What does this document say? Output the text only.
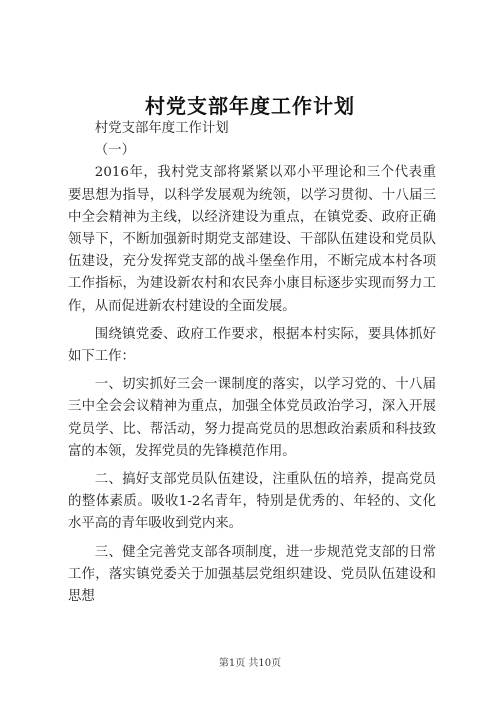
村党支部年度工作计划

村党支部年度工作计划

（一）

2016年，我村党支部将紧紧以邓小平理论和三个代表重要思想为指导，以科学发展观为统领，以学习贯彻、十八届三中全会精神为主线，以经济建设为重点，在镇党委、政府正确领导下，不断加强新时期党支部建设、干部队伍建设和党员队伍建设，充分发挥党支部的战斗堡垒作用，不断完成本村各项工作指标，为建设新农村和农民奔小康目标逐步实现而努力工作，从而促进新农村建设的全面发展。

围绕镇党委、政府工作要求，根据本村实际，要具体抓好如下工作：

一、切实抓好三会一课制度的落实，以学习党的、十八届三中全会会议精神为重点，加强全体党员政治学习，深入开展党员学、比、帮活动，努力提高党员的思想政治素质和科技致富的本领，发挥党员的先锋模范作用。

二、搞好支部党员队伍建设，注重队伍的培养，提高党员的整体素质。吸收1-2名青年，特别是优秀的、年轻的、文化水平高的青年吸收到党内来。

三、健全完善党支部各项制度，进一步规范党支部的日常工作，落实镇党委关于加强基层党组织建设、党员队伍建设和思想

第1页 共10页
